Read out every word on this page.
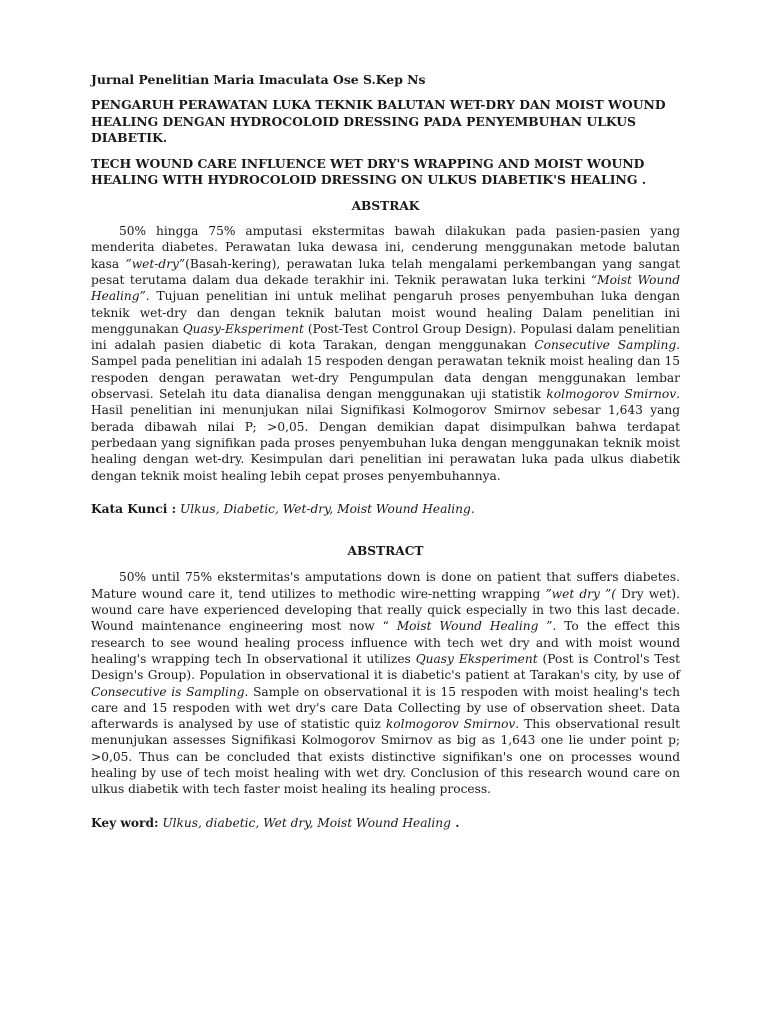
Jurnal Penelitian Maria Imaculata Ose S.Kep Ns

PENGARUH PERAWATAN LUKA TEKNIK BALUTAN WET-DRY DAN MOIST WOUND HEALING DENGAN HYDROCOLOID DRESSING PADA PENYEMBUHAN ULKUS DIABETIK.

TECH WOUND CARE INFLUENCE WET DRY'S WRAPPING AND MOIST WOUND HEALING WITH HYDROCOLOID DRESSING ON ULKUS DIABETIK'S HEALING .

ABSTRAK

50% hingga 75% amputasi ekstermitas bawah dilakukan pada pasien-pasien yang menderita diabetes. Perawatan luka dewasa ini, cenderung menggunakan metode balutan kasa ”wet-dry”(Basah-kering), perawatan luka telah mengalami perkembangan yang sangat pesat terutama dalam dua dekade terakhir ini. Teknik perawatan luka terkini “Moist Wound Healing”. Tujuan penelitian ini untuk melihat pengaruh proses penyembuhan luka dengan teknik wet-dry dan dengan teknik balutan moist wound healing Dalam penelitian ini menggunakan Quasy-Eksperiment (Post-Test Control Group Design). Populasi dalam penelitian ini adalah pasien diabetic di kota Tarakan, dengan menggunakan Consecutive Sampling. Sampel pada penelitian ini adalah 15 respoden dengan perawatan teknik moist healing dan 15 respoden dengan perawatan wet-dry Pengumpulan data dengan menggunakan lembar observasi. Setelah itu data dianalisa dengan menggunakan uji statistik kolmogorov Smirnov. Hasil penelitian ini menunjukan nilai Signifikasi Kolmogorov Smirnov sebesar 1,643 yang berada dibawah nilai P; >0,05. Dengan demikian dapat disimpulkan bahwa terdapat perbedaan yang signifikan pada proses penyembuhan luka dengan menggunakan teknik moist healing dengan wet-dry. Kesimpulan dari penelitian ini perawatan luka pada ulkus diabetik dengan teknik moist healing lebih cepat proses penyembuhannya.

Kata Kunci : Ulkus, Diabetic, Wet-dry, Moist Wound Healing.

ABSTRACT

50% until 75% ekstermitas's amputations down is done on patient that suffers diabetes. Mature wound care it, tend utilizes to methodic wire-netting wrapping ”wet dry ”( Dry wet). wound care have experienced developing that really quick especially in two this last decade. Wound maintenance engineering most now “ Moist Wound Healing ”. To the effect this research to see wound healing process influence with tech wet dry and with moist wound healing's wrapping tech In observational it utilizes Quasy Eksperiment (Post is Control's Test Design's Group). Population in observational it is diabetic's patient at Tarakan's city, by use of Consecutive is Sampling. Sample on observational it is 15 respoden with moist healing's tech care and 15 respoden with wet dry's care Data Collecting by use of observation sheet. Data afterwards is analysed by use of statistic quiz kolmogorov Smirnov. This observational result menunjukan assesses Signifikasi Kolmogorov Smirnov as big as 1,643 one lie under point p; >0,05. Thus can be concluded that exists distinctive signifikan's one on processes wound healing by use of tech moist healing with wet dry. Conclusion of this research wound care on ulkus diabetik with tech faster moist healing its healing process.

Key word: Ulkus, diabetic, Wet dry, Moist Wound Healing .
